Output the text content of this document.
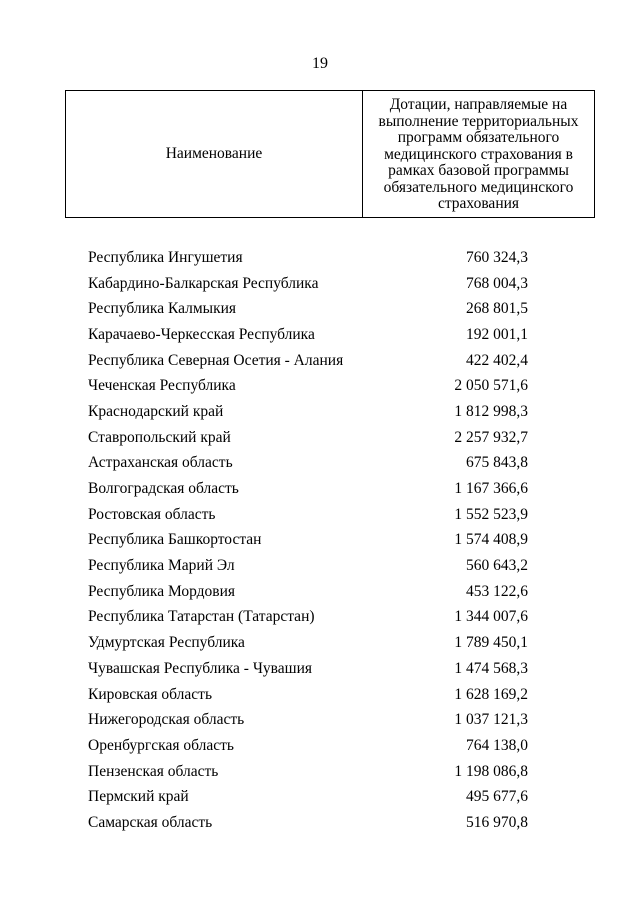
19
Наименование	
Дотации, направляемые на
выполнение территориальных
программ обязательного
медицинского страхования в
рамках базовой программы
обязательного медицинского
страхования
Республика Ингушетия	760 324,3
Кабардино-Балкарская Республика	768 004,3
Республика Калмыкия	268 801,5
Карачаево-Черкесская Республика	192 001,1
Республика Северная Осетия - Алания	422 402,4
Чеченская Республика	2 050 571,6
Краснодарский край	1 812 998,3
Ставропольский край	2 257 932,7
Астраханская область	675 843,8
Волгоградская область	1 167 366,6
Ростовская область	1 552 523,9
Республика Башкортостан	1 574 408,9
Республика Марий Эл	560 643,2
Республика Мордовия	453 122,6
Республика Татарстан (Татарстан)	1 344 007,6
Удмуртская Республика	1 789 450,1
Чувашская Республика - Чувашия	1 474 568,3
Кировская область	1 628 169,2
Нижегородская область	1 037 121,3
Оренбургская область	764 138,0
Пензенская область	1 198 086,8
Пермский край	495 677,6
Самарская область	516 970,8
